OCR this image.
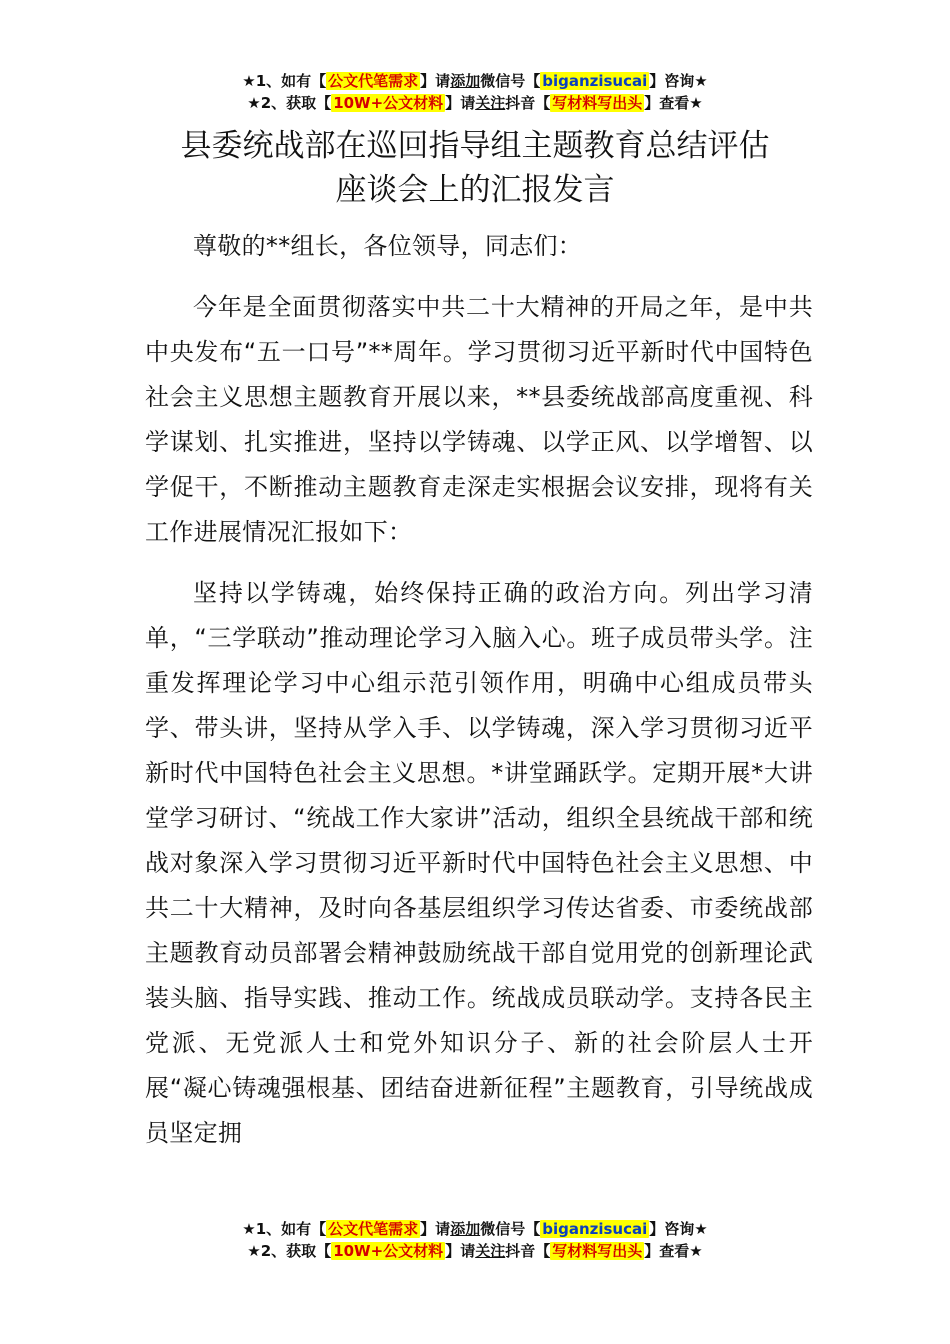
★1、如有【 公文代笔需求 】请添加微信号【 biganzisucai 】咨询★
★2、获取【 10W+公文材料 】请关注抖音【 写材料写出头 】查看★
县委统战部在巡回指导组主题教育总结评估
座谈会上的汇报发言

尊敬的**组长，各位领导，同志们：

今年是全面贯彻落实中共二十大精神的开局之年，是中共中央发布“五一口号”**周年。学习贯彻习近平新时代中国特色社会主义思想主题教育开展以来，**县委统战部高度重视、科学谋划、扎实推进，坚持以学铸魂、以学正风、以学增智、以学促干，不断推动主题教育走深走实根据会议安排，现将有关工作进展情况汇报如下：

坚持以学铸魂，始终保持正确的政治方向。列出学习清单，“三学联动”推动理论学习入脑入心。班子成员带头学。注重发挥理论学习中心组示范引领作用，明确中心组成员带头学、带头讲，坚持从学入手、以学铸魂，深入学习贯彻习近平新时代中国特色社会主义思想。*讲堂踊跃学。定期开展*大讲堂学习研讨、“统战工作大家讲”活动，组织全县统战干部和统战对象深入学习贯彻习近平新时代中国特色社会主义思想、中共二十大精神，及时向各基层组织学习传达省委、市委统战部主题教育动员部署会精神鼓励统战干部自觉用党的创新理论武装头脑、指导实践、推动工作。统战成员联动学。支持各民主党派、无党派人士和党外知识分子、新的社会阶层人士开展“凝心铸魂强根基、团结奋进新征程”主题教育，引导统战成员坚定拥

★1、如有【 公文代笔需求 】请添加微信号【 biganzisucai 】咨询★
★2、获取【 10W+公文材料 】请关注抖音【 写材料写出头 】查看★
